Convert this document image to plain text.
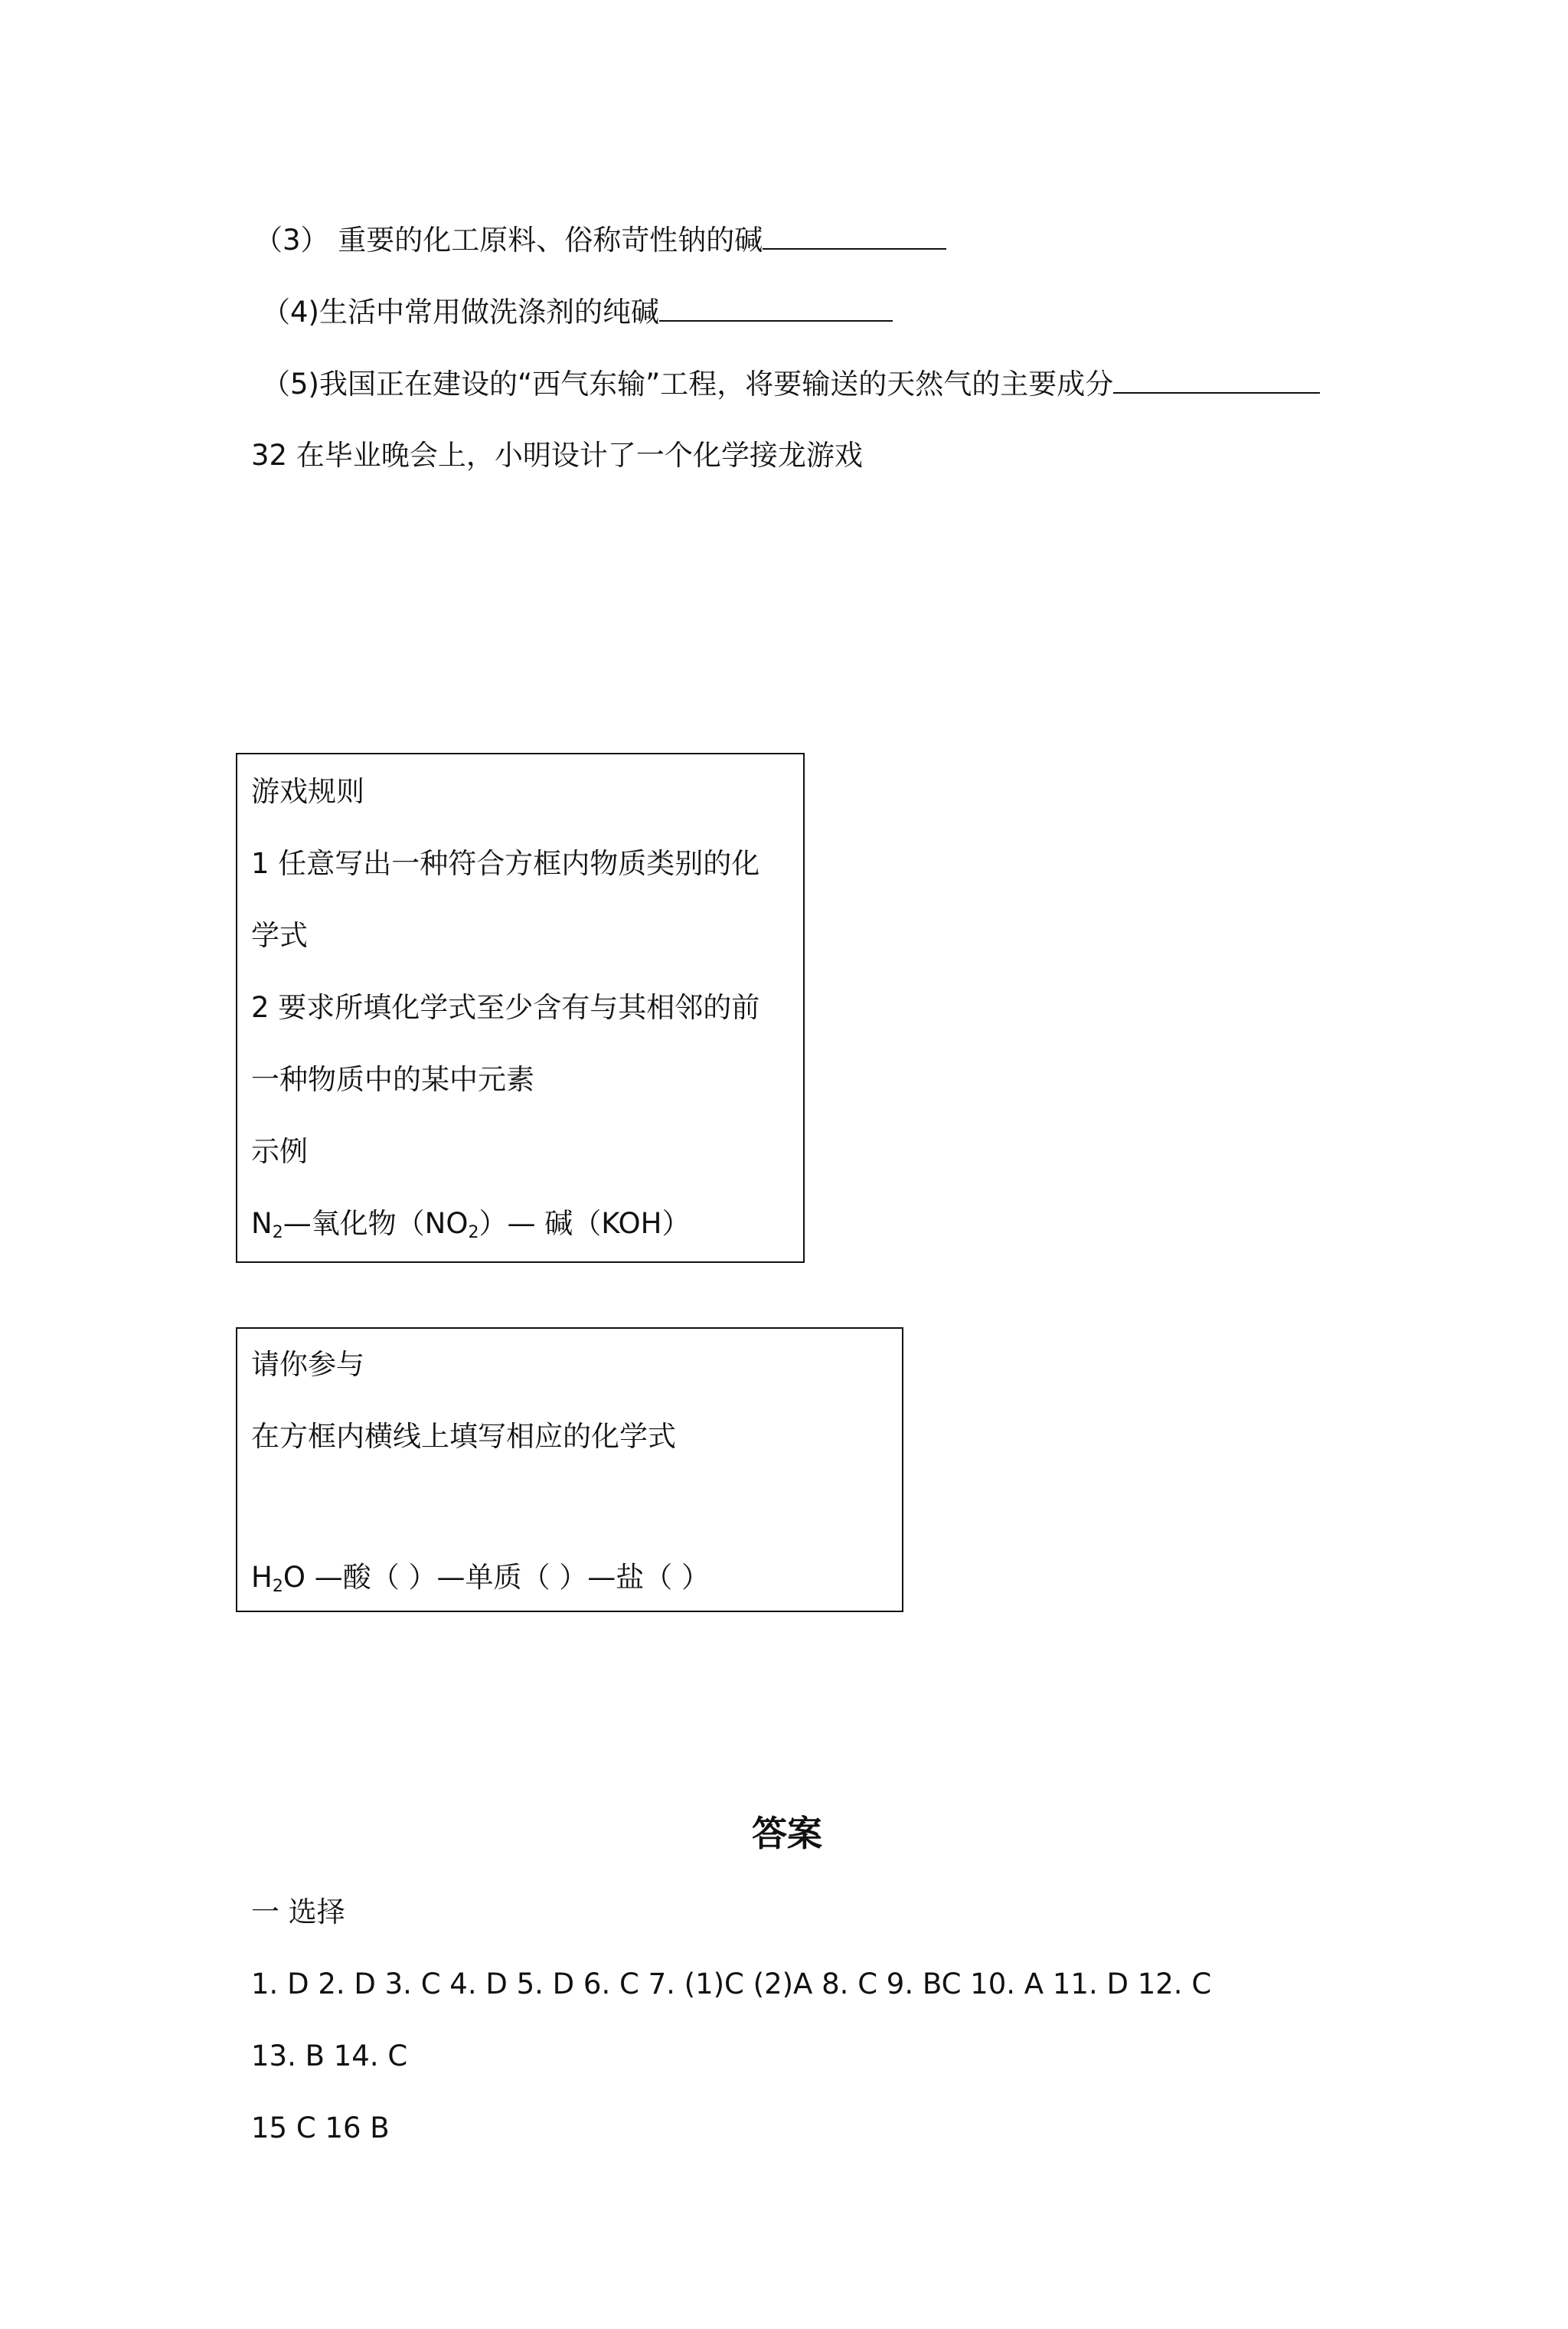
（3） 重要的化工原料、俗称苛性钠的碱
（4)生活中常用做洗涤剂的纯碱
（5)我国正在建设的“西气东输”工程，将要输送的天然气的主要成分
32 在毕业晚会上，小明设计了一个化学接龙游戏
游戏规则
1 任意写出一种符合方框内物质类别的化
学式
2 要求所填化学式至少含有与其相邻的前
一种物质中的某中元素
示例
$N_2—$氧化物$(NO_2)—$ 碱（KOH）
请你参与
在方框内横线上填写相应的化学式
$H_2O$ —酸（ ）—单质（ ）—盐（ ）
答案
一 选择
1. D 2. D 3. C 4. D 5. D 6. C 7. (1)C (2)A 8. C 9. BC 10. A 11. D 12. C
13. B 14. C
15 C 16 B
